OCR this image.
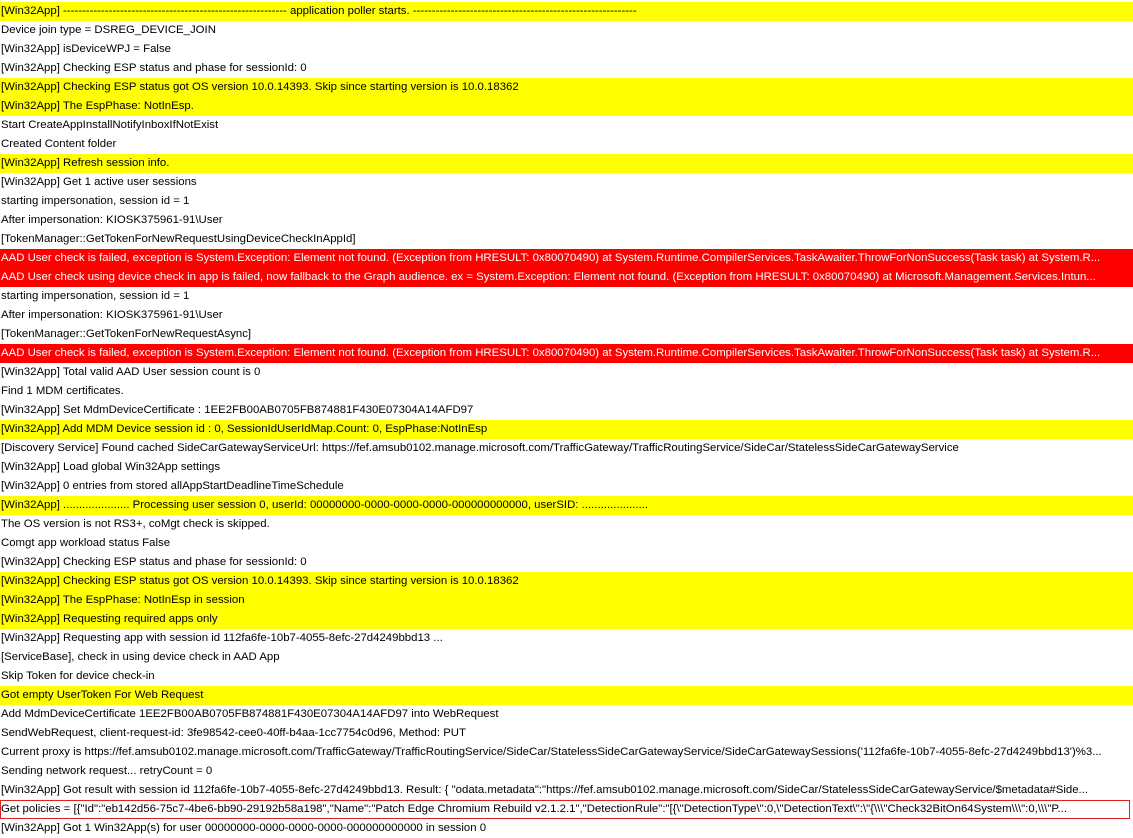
[Win32App] ----------------------------------------------------------- application poller starts. -----------------------------------------------------------
Device join type = DSREG_DEVICE_JOIN
[Win32App] isDeviceWPJ = False
[Win32App] Checking ESP status and phase for sessionId: 0
[Win32App] Checking ESP status got OS version 10.0.14393. Skip since starting version is 10.0.18362
[Win32App] The EspPhase: NotInEsp.
Start CreateAppInstallNotifyInboxIfNotExist
Created Content folder
[Win32App] Refresh session info.
[Win32App] Get 1 active user sessions
starting impersonation, session id = 1
After impersonation: KIOSK375961-91\User
[TokenManager::GetTokenForNewRequestUsingDeviceCheckInAppId]
AAD User check is failed, exception is System.Exception: Element not found. (Exception from HRESULT: 0x80070490) at System.Runtime.CompilerServices.TaskAwaiter.ThrowForNonSuccess(Task task) at System.R...
AAD User check using device check in app is failed, now fallback to the Graph audience. ex = System.Exception: Element not found. (Exception from HRESULT: 0x80070490) at Microsoft.Management.Services.Intun...
starting impersonation, session id = 1
After impersonation: KIOSK375961-91\User
[TokenManager::GetTokenForNewRequestAsync]
AAD User check is failed, exception is System.Exception: Element not found. (Exception from HRESULT: 0x80070490) at System.Runtime.CompilerServices.TaskAwaiter.ThrowForNonSuccess(Task task) at System.R...
[Win32App] Total valid AAD User session count is 0
Find 1 MDM certificates.
[Win32App] Set MdmDeviceCertificate : 1EE2FB00AB0705FB874881F430E07304A14AFD97
[Win32App] Add MDM Device session id : 0, SessionIdUserIdMap.Count: 0, EspPhase:NotInEsp
[Discovery Service] Found cached SideCarGatewayServiceUrl: https://fef.amsub0102.manage.microsoft.com/TrafficGateway/TrafficRoutingService/SideCar/StatelessSideCarGatewayService
[Win32App] Load global Win32App settings
[Win32App] 0 entries from stored allAppStartDeadlineTimeSchedule
[Win32App] ..................... Processing user session 0, userId: 00000000-0000-0000-0000-000000000000, userSID: .....................
The OS version is not RS3+, coMgt check is skipped.
Comgt app workload status False
[Win32App] Checking ESP status and phase for sessionId: 0
[Win32App] Checking ESP status got OS version 10.0.14393. Skip since starting version is 10.0.18362
[Win32App] The EspPhase: NotInEsp in session
[Win32App] Requesting required apps only
[Win32App] Requesting app with session id 112fa6fe-10b7-4055-8efc-27d4249bbd13 ...
[ServiceBase], check in using device check in AAD App
Skip Token for device check-in
Got empty UserToken For Web Request
Add MdmDeviceCertificate 1EE2FB00AB0705FB874881F430E07304A14AFD97 into WebRequest
SendWebRequest, client-request-id: 3fe98542-cee0-40ff-b4aa-1cc7754c0d96, Method: PUT
Current proxy is https://fef.amsub0102.manage.microsoft.com/TrafficGateway/TrafficRoutingService/SideCar/StatelessSideCarGatewayService/SideCarGatewaySessions('112fa6fe-10b7-4055-8efc-27d4249bbd13')%3...
Sending network request... retryCount = 0
[Win32App] Got result with session id 112fa6fe-10b7-4055-8efc-27d4249bbd13. Result: { "odata.metadata":"https://fef.amsub0102.manage.microsoft.com/SideCar/StatelessSideCarGatewayService/$metadata#Side...
Get policies = [{"Id":"eb142d56-75c7-4be6-bb90-29192b58a198","Name":"Patch Edge Chromium Rebuild v2.1.2.1","DetectionRule":"[{\"DetectionType\":0,\"DetectionText\":\"{\\\"Check32BitOn64System\\\":0,\\\"P...
[Win32App] Got 1 Win32App(s) for user 00000000-0000-0000-0000-000000000000 in session 0
